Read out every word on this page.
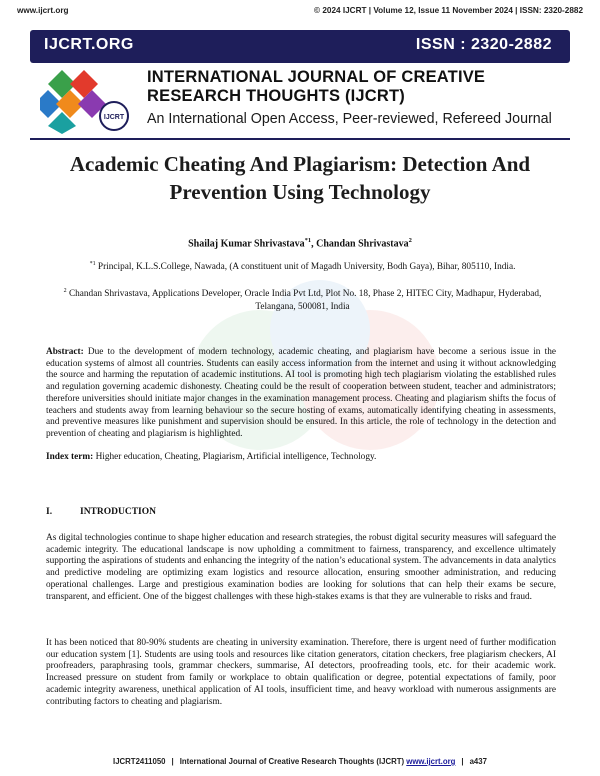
www.ijcrt.org	© 2024 IJCRT | Volume 12, Issue 11 November 2024 | ISSN: 2320-2882
IJCRT.ORG	ISSN : 2320-2882
IJCRT
INTERNATIONAL JOURNAL OF CREATIVE RESEARCH THOUGHTS (IJCRT)
An International Open Access, Peer-reviewed, Refereed Journal
Academic Cheating And Plagiarism: Detection And Prevention Using Technology
Shailaj Kumar Shrivastava$^{*1}$, Chandan Shrivastava$^2$
$^{*1}$ Principal, K.L.S.College, Nawada, (A constituent unit of Magadh University, Bodh Gaya), Bihar, 805110, India.
$^2$ Chandan Shrivastava, Applications Developer, Oracle India Pvt Ltd, Plot No. 18, Phase 2, HITEC City, Madhapur, Hyderabad, Telangana, 500081, India
Abstract: Due to the development of modern technology, academic cheating, and plagiarism have become a serious issue in the education systems of almost all countries. Students can easily access information from the internet and using it without acknowledging the source and harming the reputation of academic institutions. AI tool is promoting high tech plagiarism violating the established rules and regulation governing academic dishonesty. Cheating could be the result of cooperation between student, teacher and administrators; therefore universities should initiate major changes in the examination management process. Cheating and plagiarism shifts the focus of teachers and students away from learning behaviour so the secure hosting of exams, automatically identifying cheating in assessments, and preventive measures like punishment and supervision should be ensured. In this article, the role of technology in the detection and prevention of cheating and plagiarism is highlighted.
Index term: Higher education, Cheating, Plagiarism, Artificial intelligence, Technology.
I.	INTRODUCTION
As digital technologies continue to shape higher education and research strategies, the robust digital security measures will safeguard the academic integrity. The educational landscape is now upholding a commitment to fairness, transparency, and excellence ultimately supporting the aspirations of students and enhancing the integrity of the nation’s educational system. The advancements in data analytics and predictive modeling are optimizing exam logistics and resource allocation, ensuring smoother administration, and reducing operational challenges. Large and prestigious examination bodies are looking for solutions that can help their exams be secure, transparent, and efficient. One of the biggest challenges with these high-stakes exams is that they are vulnerable to risks and fraud.
It has been noticed that 80-90% students are cheating in university examination. Therefore, there is urgent need of further modification our education system [1]. Students are using tools and resources like citation generators, citation checkers, free plagiarism checkers, AI proofreaders, paraphrasing tools, grammar checkers, summarise, AI detectors, proofreading tools, etc. for their academic work. Increased pressure on student from family or workplace to obtain qualification or degree, potential expectations of family, poor academic integrity awareness, unethical application of AI tools, insufficient time, and heavy workload with numerous assignments are contributing factors to cheating and plagiarism.
IJCRT2411050 | International Journal of Creative Research Thoughts (IJCRT) www.ijcrt.org | a437
